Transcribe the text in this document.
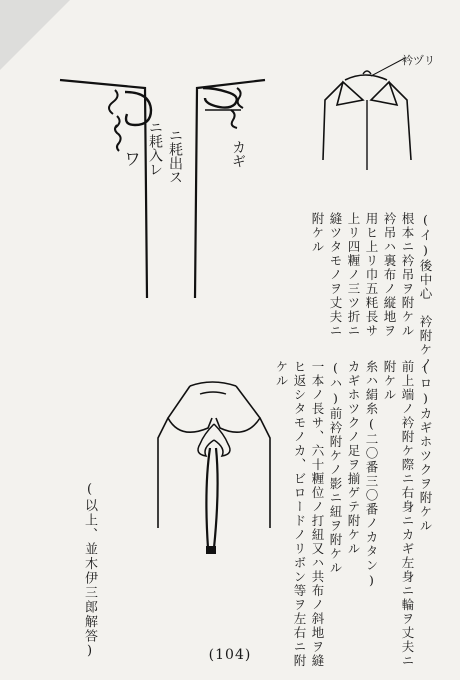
ニ耗入レ ニ耗出ス
ワ	カギ
衿ヅリ
(イ)後中心　衿附ケノ
根本ニ衿吊ヲ附ケル
衿吊ハ裏布ノ縦地ヲ
用ヒ上リ巾五粍長サ
上リ四糎ノ三ツ折ニ
縫ツタモノヲ丈夫ニ
附ケル
(ロ)カギホツクヲ附ケル
前上端ノ衿附ケ際ニ右身ニカギ左身ニ輪ヲ丈夫ニ
附ケル
糸ハ絹糸(二〇番三〇番ノカタン)
カギホツクノ足ヲ揃ゲテ附ケル
(ハ)前衿附ケノ影ニ紐ヲ附ケル
一本ノ長サ、六十糎位ノ打紐又ハ共布ノ斜地ヲ縫
ヒ返シタモノカ、ビロードノリボン等ヲ左右ニ附
ケル
(以上、並木伊三郎解答)	(104)
